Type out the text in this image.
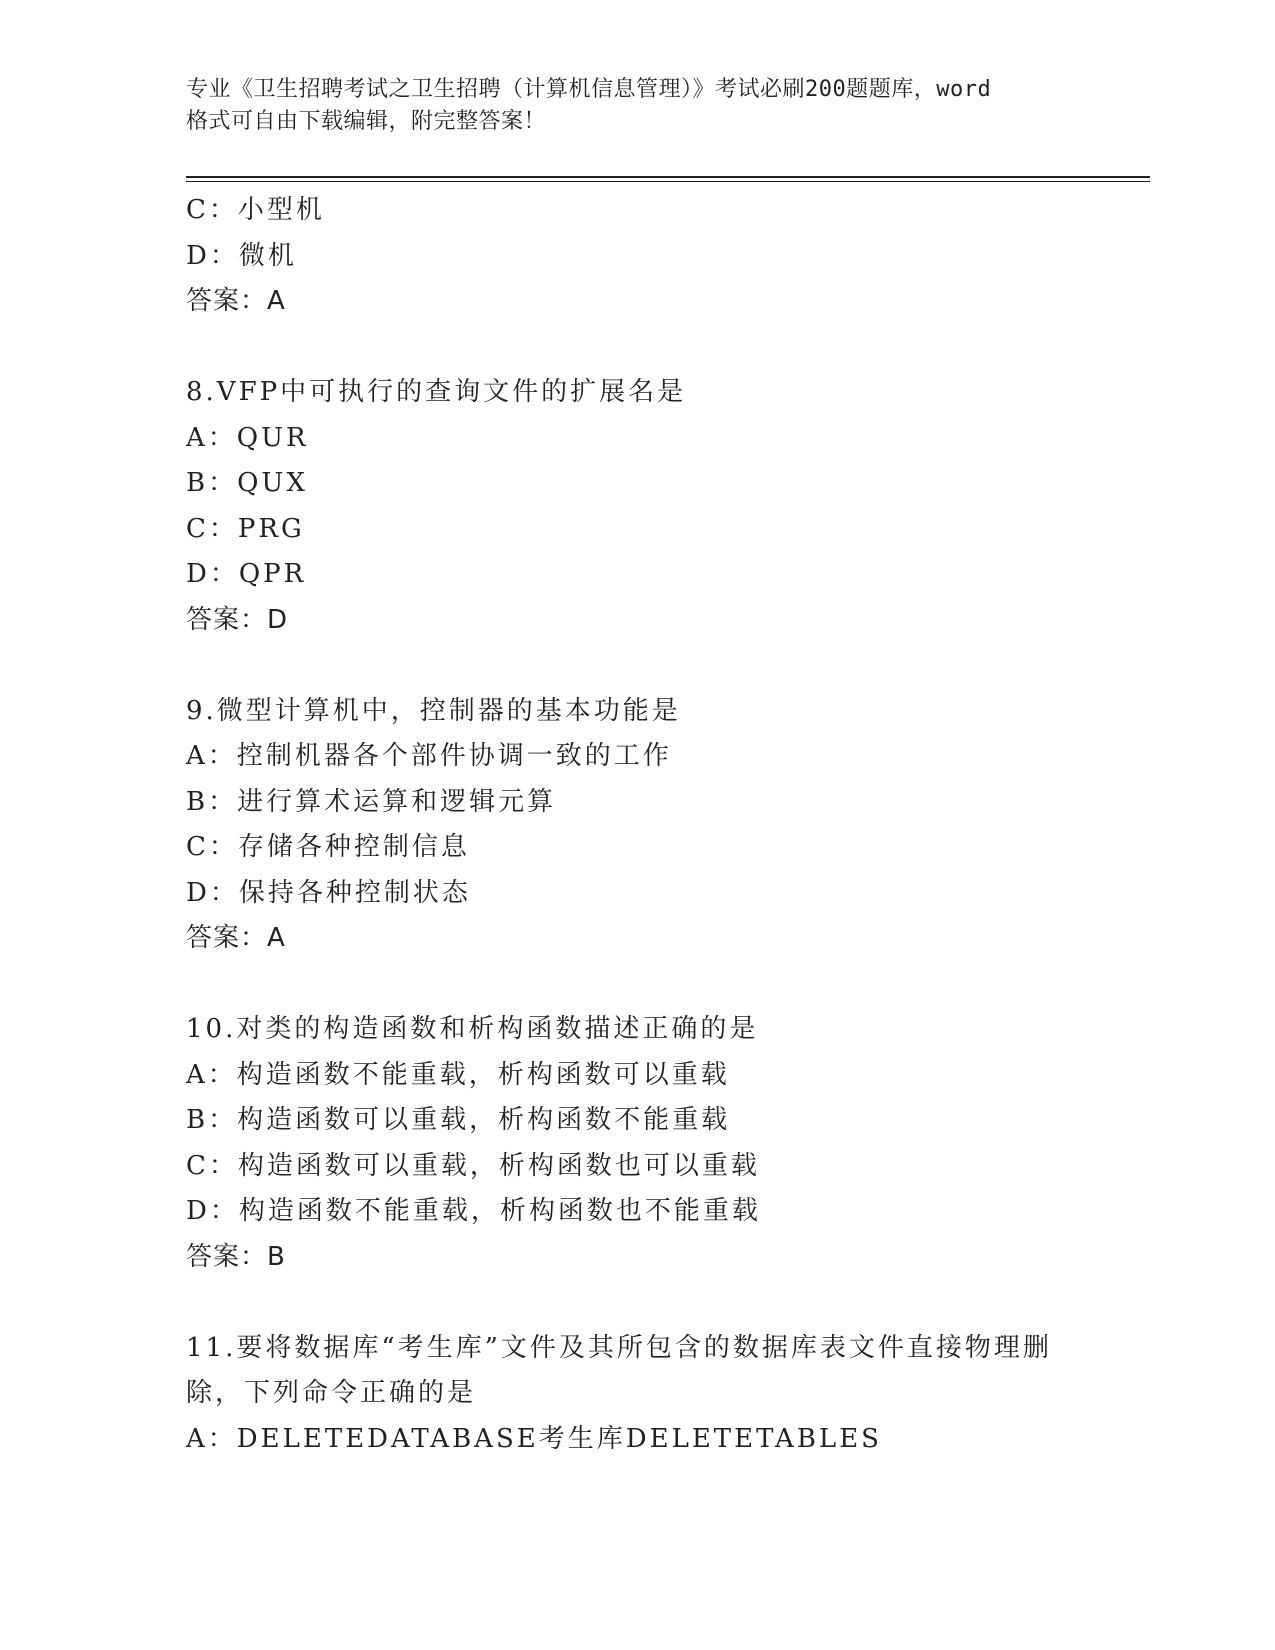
专业《卫生招聘考试之卫生招聘（计算机信息管理）》考试必刷200题题库，word
格式可自由下载编辑，附完整答案！
C：小型机
D：微机
答案：A
8.VFP中可执行的查询文件的扩展名是
A：QUR
B：QUX
C：PRG
D：QPR
答案：D
9.微型计算机中，控制器的基本功能是
A：控制机器各个部件协调一致的工作
B：进行算术运算和逻辑元算
C：存储各种控制信息
D：保持各种控制状态
答案：A
10.对类的构造函数和析构函数描述正确的是
A：构造函数不能重载，析构函数可以重载
B：构造函数可以重载，析构函数不能重载
C：构造函数可以重载，析构函数也可以重载
D：构造函数不能重载，析构函数也不能重载
答案：B
11.要将数据库“考生库”文件及其所包含的数据库表文件直接物理删
除，下列命令正确的是
A：DELETEDATABASE考生库DELETETABLES
